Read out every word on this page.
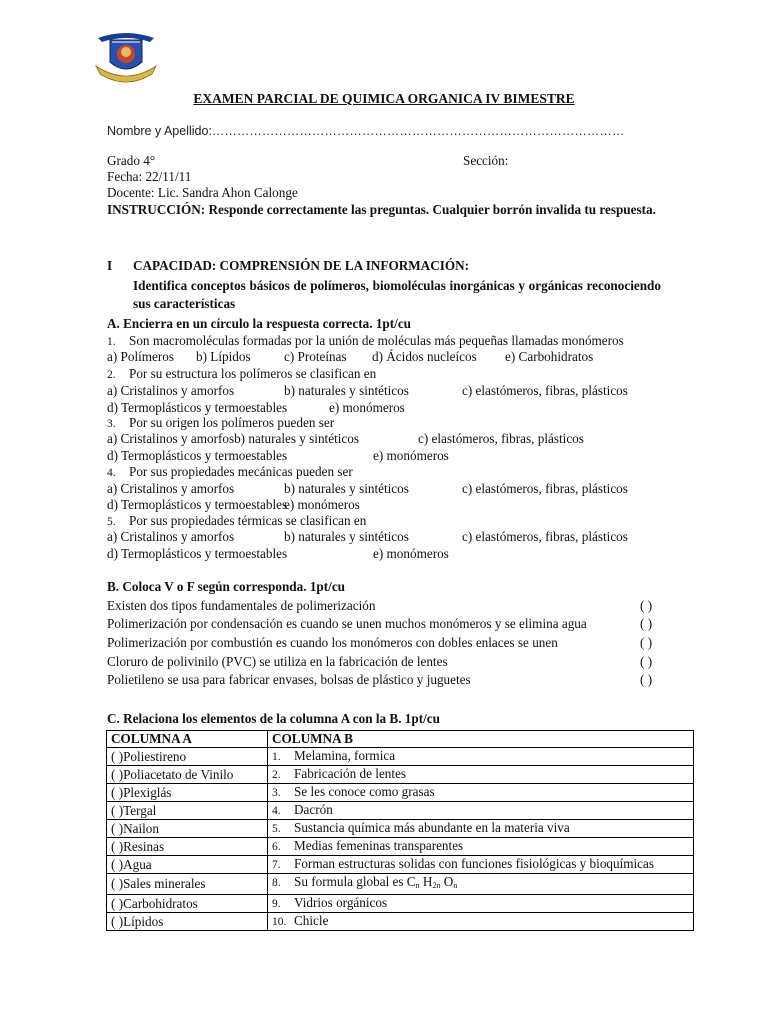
EXAMEN PARCIAL DE QUIMICA ORGANICA IV BIMESTRE
Nombre y Apellido:………………………………………………………………………………………
Grado 4°	Sección:
Fecha: 22/11/11
Docente: Lic. Sandra Ahon Calonge
INSTRUCCIÓN: Responde correctamente las preguntas. Cualquier borrón invalida tu respuesta.
I CAPACIDAD: COMPRENSIÓN DE LA INFORMACIÓN:
Identifica conceptos básicos de polímeros, biomoléculas inorgánicas y orgánicas reconociendo sus características
A. Encierra en un círculo la respuesta correcta. 1pt/cu
1. Son macromoléculas formadas por la unión de moléculas más pequeñas llamadas monómeros
a) Polímeros b) Lípidos	c) Proteínas d) Ácidos nucleícos e) Carbohidratos
2. Por su estructura los polímeros se clasifican en
a) Cristalinos y amorfos	b) naturales y sintéticos	c) elastómeros, fibras, plásticos
d) Termoplásticos y termoestables	e) monómeros
3. Por su origen los polímeros pueden ser
a) Cristalinos y amorfosb) naturales y sintéticos	c) elastómeros, fibras, plásticos
d) Termoplásticos y termoestables	e) monómeros
4. Por sus propiedades mecánicas pueden ser
a) Cristalinos y amorfos	b) naturales y sintéticos	c) elastómeros, fibras, plásticos
d) Termoplásticos y termoestables
e) monómeros
5. Por sus propiedades térmicas se clasifican en
a) Cristalinos y amorfos	b) naturales y sintéticos	c) elastómeros, fibras, plásticos
d) Termoplásticos y termoestables	e) monómeros
B. Coloca V o F según corresponda. 1pt/cu
Existen dos tipos fundamentales de polimerización	( )
Polimerización por condensación es cuando se unen muchos monómeros y se elimina agua	( )
Polimerización por combustión es cuando los monómeros con dobles enlaces se unen	( )
Cloruro de polivinilo (PVC) se utiliza en la fabricación de lentes	( )
Polietileno se usa para fabricar envases, bolsas de plástico y juguetes	( )
C. Relaciona los elementos de la columna A con la B. 1pt/cu
COLUMNA A	COLUMNA B
( )Poliestireno	1. Melamina, formica
( )Poliacetato de Vinilo	2. Fabricación de lentes
( )Plexiglás	3. Se les conoce como grasas
( )Tergal	4. Dacrón
( )Nailon	5. Sustancia química más abundante en la materia viva
( )Resinas	6. Medias femeninas transparentes
( )Agua	7. Forman estructuras solidas con funciones fisiológicas y bioquímicas
( )Sales minerales	8. Su formula global es $C_n$ $H_{2n}$ $O_n$
( )Carbohidratos	9. Vidrios orgánicos
( )Lípidos	10. Chicle
